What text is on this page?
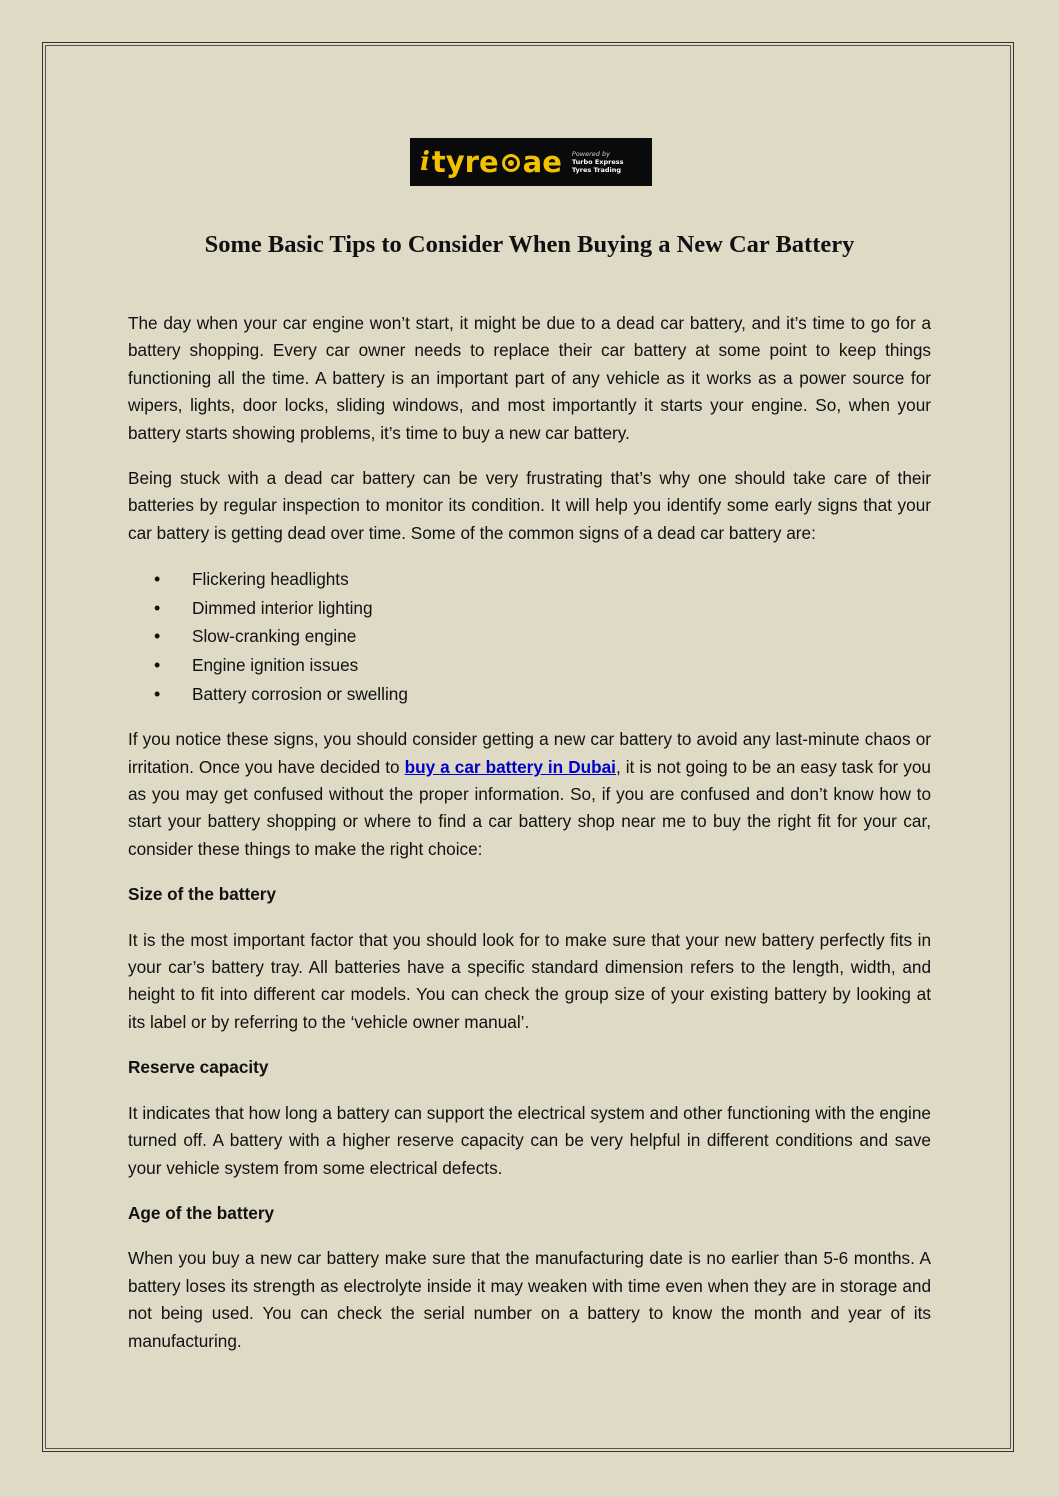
i tyre ae Powered by
Turbo Express
Tyres Trading
Some Basic Tips to Consider When Buying a New Car Battery

The day when your car engine won’t start, it might be due to a dead car battery, and it’s time to go for a battery shopping. Every car owner needs to replace their car battery at some point to keep things functioning all the time. A battery is an important part of any vehicle as it works as a power source for wipers, lights, door locks, sliding windows, and most importantly it starts your engine. So, when your battery starts showing problems, it’s time to buy a new car battery.

Being stuck with a dead car battery can be very frustrating that’s why one should take care of their batteries by regular inspection to monitor its condition. It will help you identify some early signs that your car battery is getting dead over time. Some of the common signs of a dead car battery are:

• Flickering headlights
• Dimmed interior lighting
• Slow-cranking engine
• Engine ignition issues
• Battery corrosion or swelling

If you notice these signs, you should consider getting a new car battery to avoid any last-minute chaos or irritation. Once you have decided to buy a car battery in Dubai, it is not going to be an easy task for you as you may get confused without the proper information. So, if you are confused and don’t know how to start your battery shopping or where to find a car battery shop near me to buy the right fit for your car, consider these things to make the right choice:

Size of the battery

It is the most important factor that you should look for to make sure that your new battery perfectly fits in your car’s battery tray. All batteries have a specific standard dimension refers to the length, width, and height to fit into different car models. You can check the group size of your existing battery by looking at its label or by referring to the ‘vehicle owner manual’.

Reserve capacity

It indicates that how long a battery can support the electrical system and other functioning with the engine turned off. A battery with a higher reserve capacity can be very helpful in different conditions and save your vehicle system from some electrical defects.

Age of the battery

When you buy a new car battery make sure that the manufacturing date is no earlier than 5-6 months. A battery loses its strength as electrolyte inside it may weaken with time even when they are in storage and not being used. You can check the serial number on a battery to know the month and year of its manufacturing.
